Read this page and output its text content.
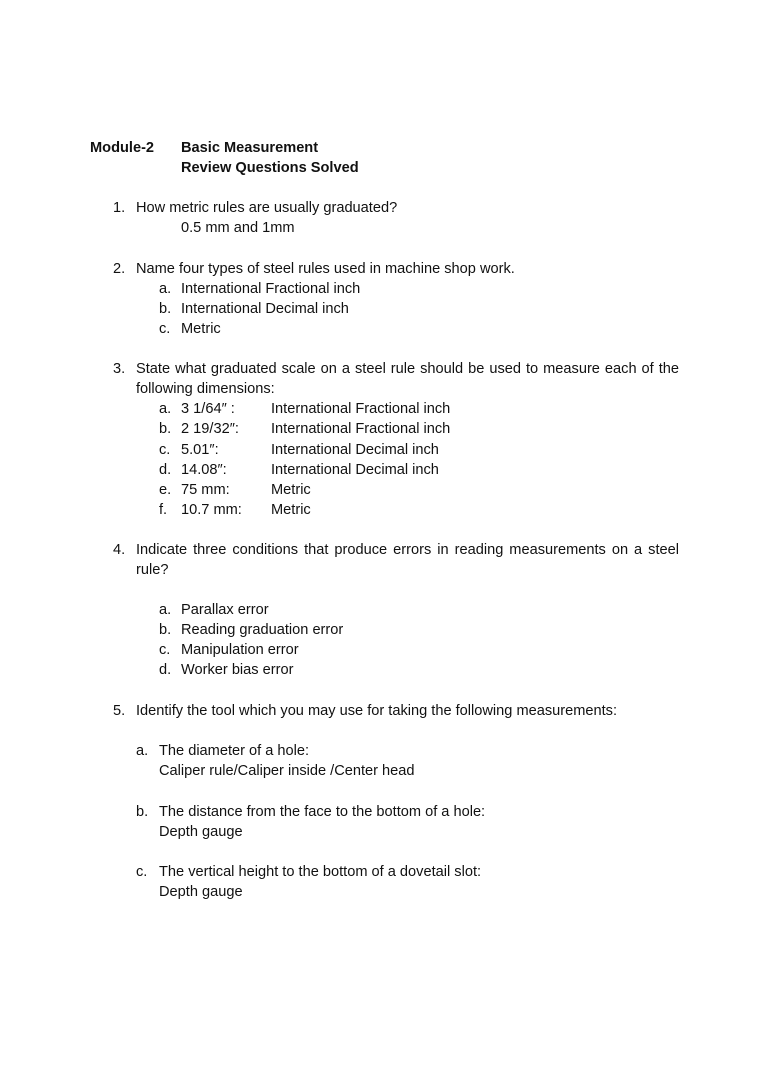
Module-2 Basic Measurement
Review Questions Solved
1. How metric rules are usually graduated?
0.5 mm and 1mm
2. Name four types of steel rules used in machine shop work.
a. International Fractional inch
b. International Decimal inch
c. Metric
3. State what graduated scale on a steel rule should be used to measure each of the following dimensions:
a. 3 1/64″ : International Fractional inch
b. 2 19/32″: International Fractional inch
c. 5.01″:	International Decimal inch
d. 14.08″:	International Decimal inch
e. 75 mm:	Metric
f. 10.7 mm: Metric
4. Indicate three conditions that produce errors in reading measurements on a steel rule?
a. Parallax error
b. Reading graduation error
c. Manipulation error
d. Worker bias error
5. Identify the tool which you may use for taking the following measurements:
a. The diameter of a hole:
Caliper rule/Caliper inside /Center head
b. The distance from the face to the bottom of a hole:
Depth gauge
c. The vertical height to the bottom of a dovetail slot:
Depth gauge
